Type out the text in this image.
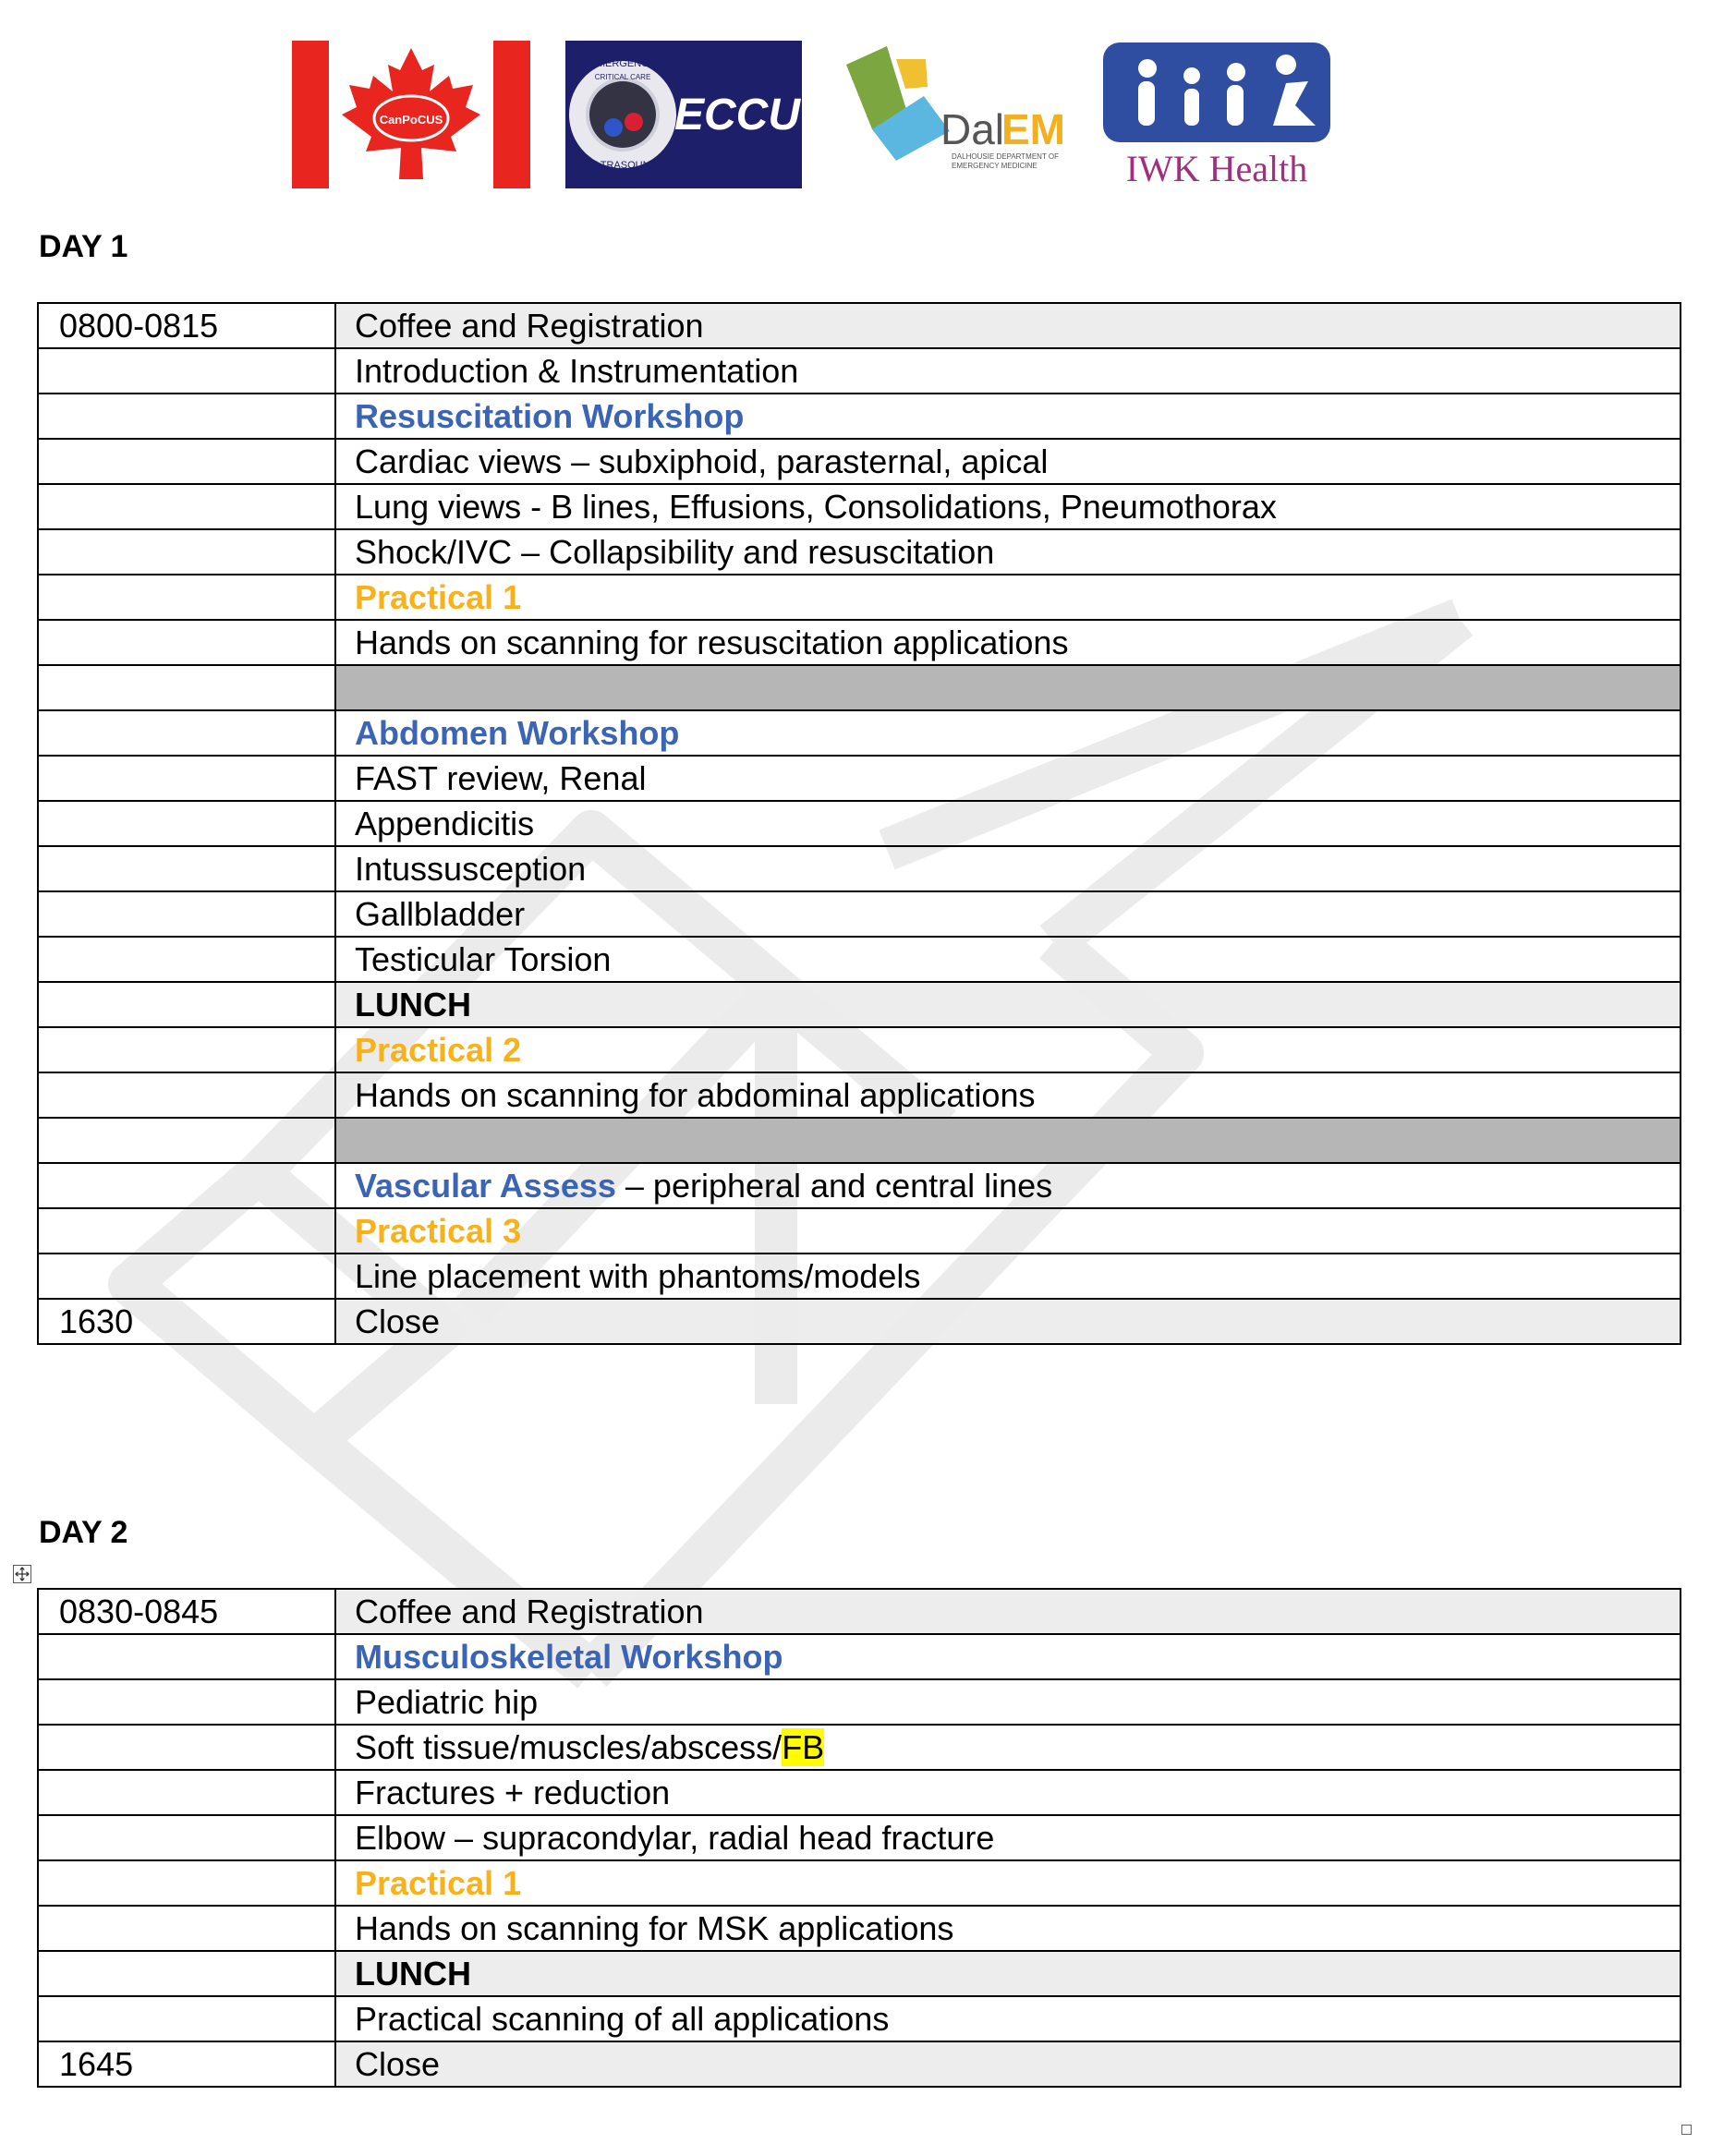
CanPoCUS
EMERGENCY
CRITICAL CARE
ULTRASOUND
ECCU	Dal
EM
DALHOUSIE DEPARTMENT OF
EMERGENCY MEDICINE IWK Health
DAY 1
0800-0815	Coffee and Registration
	Introduction & Instrumentation
	Resuscitation Workshop
	Cardiac views – subxiphoid, parasternal, apical
	Lung views - B lines, Effusions, Consolidations, Pneumothorax
	Shock/IVC – Collapsibility and resuscitation
	Practical 1
	Hands on scanning for resuscitation applications

	Abdomen Workshop
	FAST review, Renal
	Appendicitis
	Intussusception
	Gallbladder
	Testicular Torsion
	LUNCH
	Practical 2
	Hands on scanning for abdominal applications

	Vascular Assess – peripheral and central lines
	Practical 3
	Line placement with phantoms/models
1630	Close
DAY 2
0830-0845	Coffee and Registration
	Musculoskeletal Workshop
	Pediatric hip
	Soft tissue/muscles/abscess/FB
	Fractures + reduction
	Elbow – supracondylar, radial head fracture
	Practical 1
	Hands on scanning for MSK applications
	LUNCH
	Practical scanning of all applications
1645	Close
